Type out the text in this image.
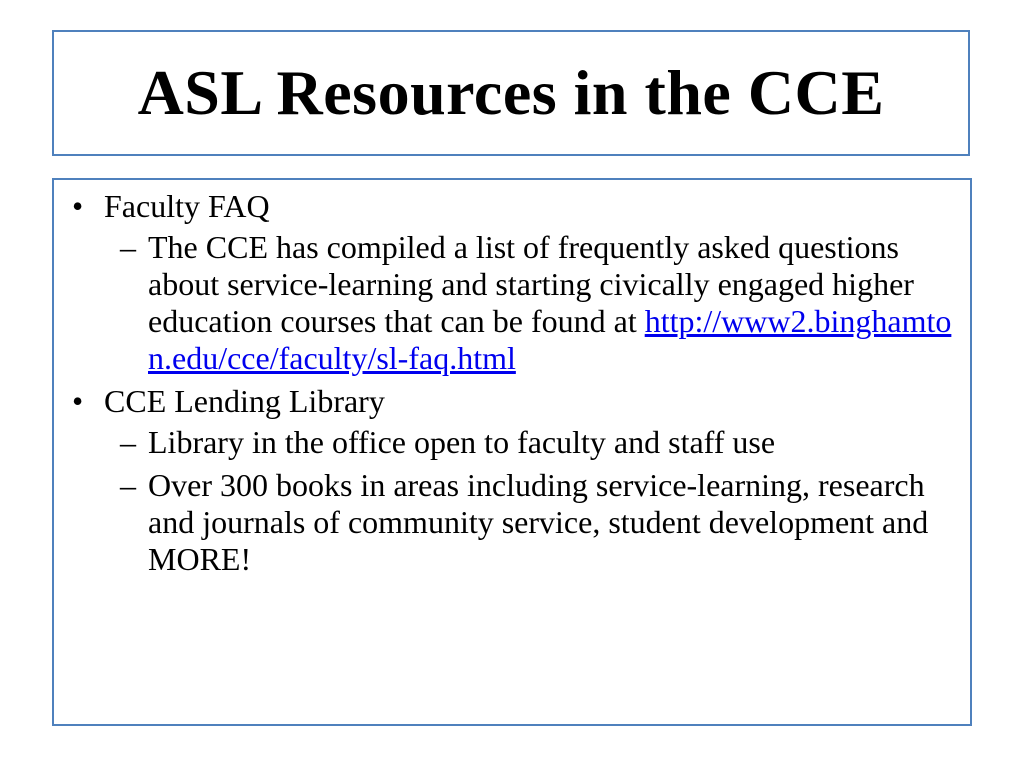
ASL Resources in the CCE
• Faculty FAQ
– The CCE has compiled a list of frequently asked questions about service-learning and starting civically engaged higher education courses that can be found at http://www2.binghamton.edu/cce/faculty/sl-faq.html
• CCE Lending Library
– Library in the office open to faculty and staff use
– Over 300 books in areas including service-learning, research and journals of community service, student development and MORE!
